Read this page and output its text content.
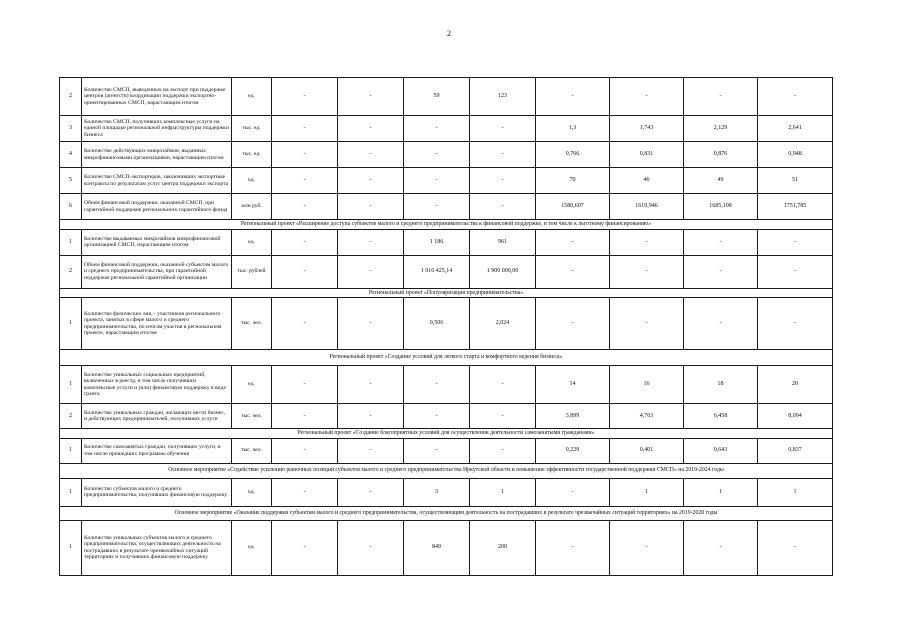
2
2	Количество СМСП, выведенных на экспорт при поддержке центров (агентств) координации поддержки экспортно-ориентированных СМСП, нарастающим итогом	ед.	-	-	59	123	-	-	-	-
3	Количество СМСП, получивших комплексные услуги на единой площадке региональной инфраструктуры поддержки бизнеса	тыс. ед.	-	-	-	-	1,3	1,743	2,129	2,641
4	Количество действующих микрозаймов, выданных микрофинансовыми организациями, нарастающим итогом	тыс. ед.	-	-	-	-	0,766	0,831	0,876	0,948
5	Количество СМСП-экспортеров, заключивших экспортные контракты по результатам услуг центра поддержки экспорта	ед.	-	-	-	-	70	46	49	51
6	Объем финансовой поддержки, оказанной СМСП, при гарантийной поддержке регионального гарантийного фонда	млн руб.	-	-	-	-	1580,607	1619,946	1685,108	1751,785
Региональный проект «Расширение доступа субъектов малого и среднего предпринимательства к финансовой поддержке, в том числе к льготному финансированию»										
1	Количество выдаваемых микрозаймов микрофинансовой организацией СМСП, нарастающим итогом	ед.	-	-	1 186	961	-	-	-	-
2	Объем финансовой поддержки, оказанной субъектам малого и среднего предпринимательства, при гарантийной поддержке региональной гарантийной организации	тыс. рублей	-	-	1 916 425,14	1 900 000,00	-	-	-	-
Региональный проект «Популяризация предпринимательства»										
1	Количество физических лиц – участников регионального проекта, занятых в сфере малого и среднего предпринимательства, по итогам участия в региональном проекте, нарастающим итогом	тыс. чел.	-	-	0,506	2,024	-	-	-	-
Региональный проект «Создание условий для легкого старта и комфортного ведения бизнеса»										
1	Количество уникальных социальных предприятий, включенных в реестр, в том числе получивших комплексные услуги и (или) финансовую поддержку в виде гранта	ед.	-	-	-	-	14	16	18	20
2	Количество уникальных граждан, желающих вести бизнес, и действующих предпринимателей, получивших услуги	тыс. чел.	-	-	-	-	3,899	4,763	6,458	8,094
Региональный проект «Создание благоприятных условий для осуществления деятельности самозанятыми гражданами»										
1	Количество самозанятых граждан, получивших услуги, в том числе прошедших программы обучения	тыс. чел.	-	-	-	-	0,229	0,401	0,643	0,837
Основное мероприятие «Содействие усилению рыночных позиций субъектов малого и среднего предпринимательства Иркутской области и повышение эффективности государственной поддержки СМСП» на 2019-2024 годы										
1	Количество субъектов малого и среднего предпринимательства, получивших финансовую поддержку	ед.	-	-	3	1	-	1	1	1
Основное мероприятие «Оказание поддержки субъектам малого и среднего предпринимательства, осуществляющим деятельность на пострадавших в результате чрезвычайных ситуаций территориях» на 2019-2020 годы										
1	Количество уникальных субъектов малого и среднего предпринимательства, осуществляющих деятельность на пострадавших в результате чрезвычайных ситуаций территориях и получивших финансовую поддержку	ед.	-	-	849	200	-	-	-	-
